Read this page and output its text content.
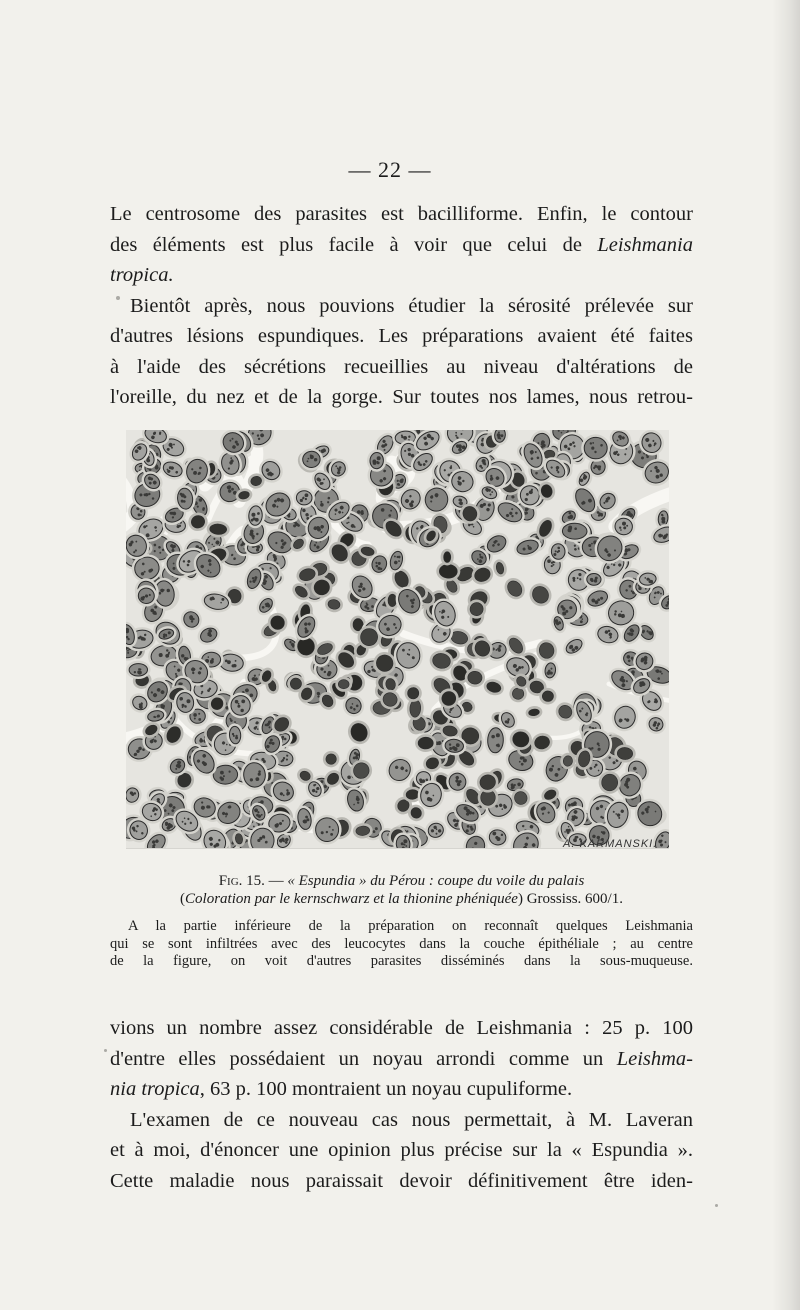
— 22 —
Le centrosome des parasites est bacilliforme. Enfin, le contour
des éléments est plus facile à voir que celui de Leishmania
tropica.
Bientôt après, nous pouvions étudier la sérosité prélevée sur
d'autres lésions espundiques. Les préparations avaient été faites
à l'aide des sécrétions recueillies au niveau d'altérations de
l'oreille, du nez et de la gorge. Sur toutes nos lames, nous retrou-
A. KARMANSKI.
Fig. 15. — « Espundia » du Pérou : coupe du voile du palais
(Coloration par le kernschwarz et la thionine phéniquée) Grossiss. 600/1.
A la partie inférieure de la préparation on reconnaît quelques Leishmania
qui se sont infiltrées avec des leucocytes dans la couche épithéliale ; au centre
de la figure, on voit d'autres parasites disséminés dans la sous-muqueuse.
vions un nombre assez considérable de Leishmania : 25 p. 100
d'entre elles possédaient un noyau arrondi comme un Leishma-
nia tropica, 63 p. 100 montraient un noyau cupuliforme.
L'examen de ce nouveau cas nous permettait, à M. Laveran
et à moi, d'énoncer une opinion plus précise sur la « Espundia ».
Cette maladie nous paraissait devoir définitivement être iden-
